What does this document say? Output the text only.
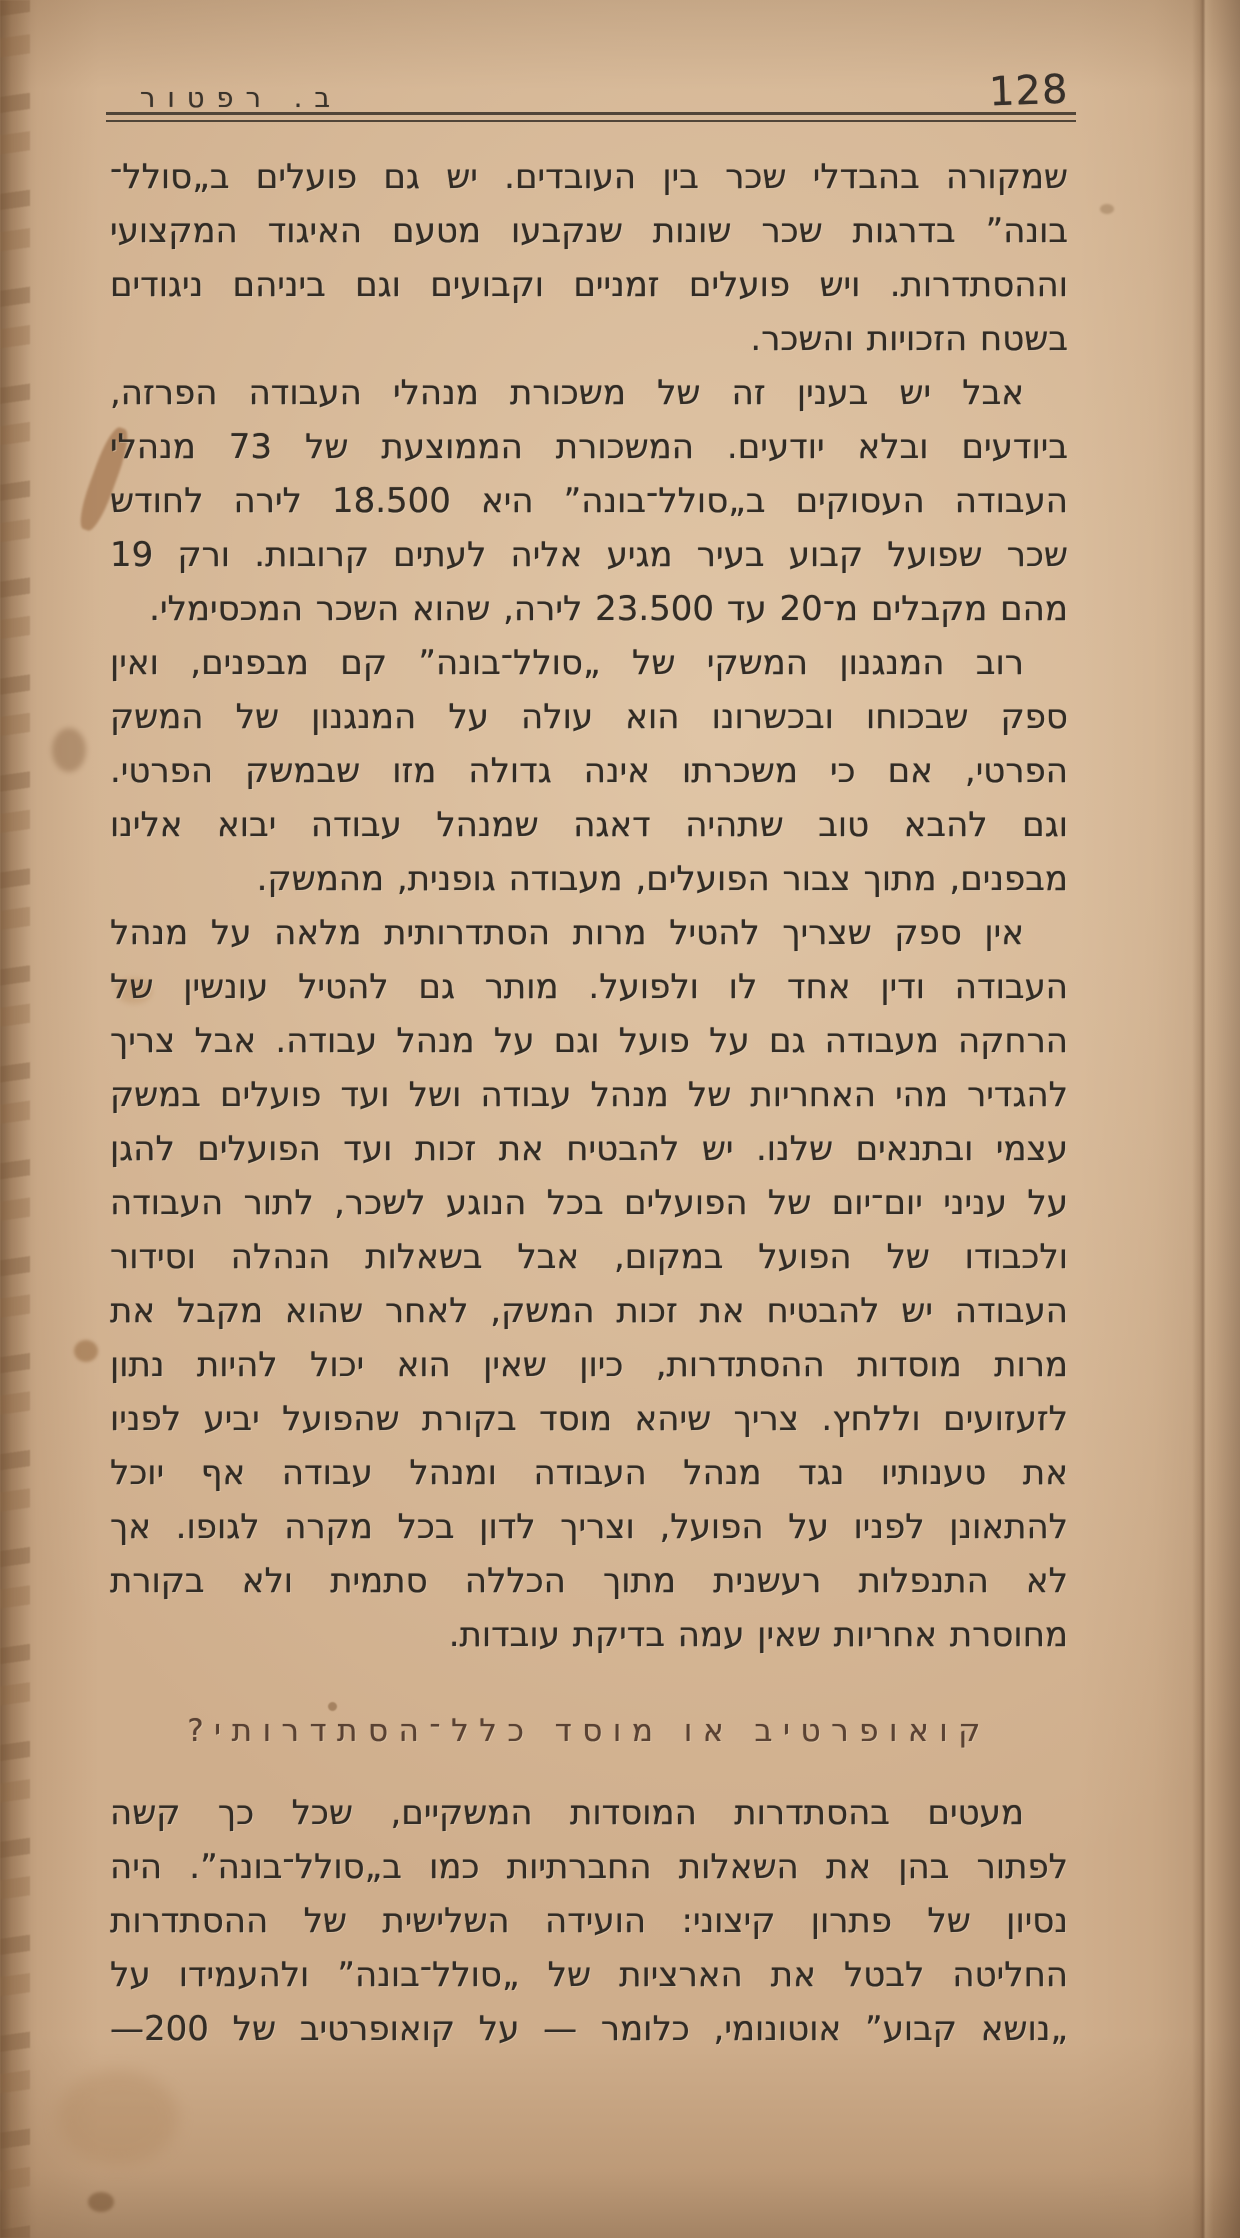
ב. רפטור	128
שמקורה בהבדלי שכר בין העובדים. יש גם פועלים ב„סולל־
בונה” בדרגות שכר שונות שנקבעו מטעם האיגוד המקצועי
וההסתדרות. ויש פועלים זמניים וקבועים וגם ביניהם ניגודים
בשטח הזכויות והשכר.
אבל יש בענין זה של משכורת מנהלי העבודה הפרזה,
ביודעים ובלא יודעים. המשכורת הממוצעת של 73 מנהלי
העבודה העסוקים ב„סולל־בונה” היא 18.500 לירה לחודש
שכר שפועל קבוע בעיר מגיע אליה לעתים קרובות. ורק 19
מהם מקבלים מ־20 עד 23.500 לירה, שהוא השכר המכסימלי.
רוב המנגנון המשקי של „סולל־בונה” קם מבפנים, ואין
ספק שבכוחו ובכשרונו הוא עולה על המנגנון של המשק
הפרטי, אם כי משכרתו אינה גדולה מזו שבמשק הפרטי.
וגם להבא טוב שתהיה דאגה שמנהל עבודה יבוא אלינו
מבפנים, מתוך צבור הפועלים, מעבודה גופנית, מהמשק.
אין ספק שצריך להטיל מרות הסתדרותית מלאה על מנהל
העבודה ודין אחד לו ולפועל. מותר גם להטיל עונשין של
הרחקה מעבודה גם על פועל וגם על מנהל עבודה. אבל צריך
להגדיר מהי האחריות של מנהל עבודה ושל ועד פועלים במשק
עצמי ובתנאים שלנו. יש להבטיח את זכות ועד הפועלים להגן
על עניני יום־יום של הפועלים בכל הנוגע לשכר, לתור העבודה
ולכבודו של הפועל במקום, אבל בשאלות הנהלה וסידור
העבודה יש להבטיח את זכות המשק, לאחר שהוא מקבל את
מרות מוסדות ההסתדרות, כיון שאין הוא יכול להיות נתון
לזעזועים וללחץ. צריך שיהא מוסד בקורת שהפועל יביע לפניו
את טענותיו נגד מנהל העבודה ומנהל עבודה אף יוכל
להתאונן לפניו על הפועל, וצריך לדון בכל מקרה לגופו. אך
לא התנפלות רעשנית מתוך הכללה סתמית ולא בקורת
מחוסרת אחריות שאין עמה בדיקת עובדות.
קואופרטיב או מוסד כלל־הסתדרותי?
מעטים בהסתדרות המוסדות המשקיים, שכל כך קשה
לפתור בהן את השאלות החברתיות כמו ב„סולל־בונה”. היה
נסיון של פתרון קיצוני: הועידה השלישית של ההסתדרות
החליטה לבטל את הארציות של „סולל־בונה” ולהעמידו על
„נושא קבוע” אוטונומי, כלומר — על קואופרטיב של 200—
